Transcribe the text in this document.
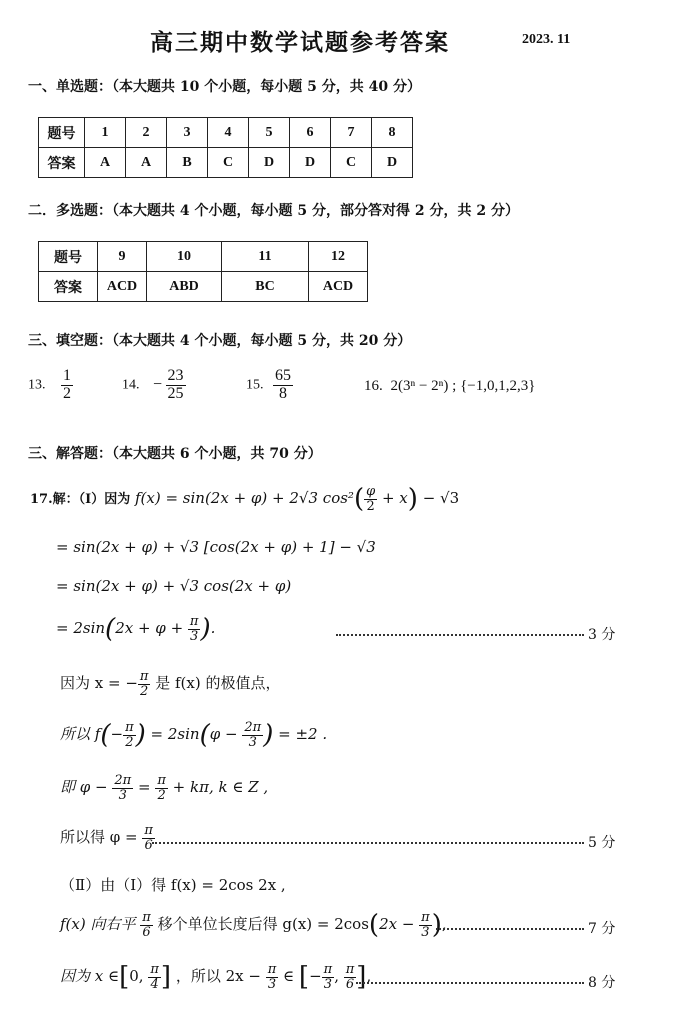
高三期中数学试题参考答案	2023. 11
一、单选题：（本大题共 10 个小题，每小题 5 分，共 40 分）
题号	1	2	3	4	5	6	7	8
答案	A	A	B	C	D	D	C	D
二．多选题：（本大题共 4 个小题，每小题 5 分，部分答对得 2 分，共 2 分）
题号	9	10	11	12
答案	ACD	ABD	BC	ACD
三、填空题：（本大题共 4 个小题，每小题 5 分，共 20 分）
13. $\frac{1}{2}$	14. − $\frac{23}{25}$	15. $\frac{65}{8}$	16. 2(3ⁿ − 2ⁿ) ; {−1,0,1,2,3}
三、解答题：（本大题共 6 个小题，共 70 分）
17.解：（Ⅰ）因为 f(x) = sin(2x + φ) + 2√3 $\cos^2( \frac{\varphi}{2} + x) - √3$
= sin(2x + φ) + √3 [cos(2x + φ) + 1] − √3
= sin(2x + φ) + √3 cos(2x + φ)
= $2\sin(2x + \varphi + \frac{\pi}{3}$ ).	3 分
因为 x = − $\frac{\pi}{2}$ 是 f(x) 的极值点，
所以 $f(- \frac{\pi}{2}$ ) = $2\sin(\varphi - \frac{2\pi}{3}$ ) = ±2 .
即 $\varphi - \frac{2\pi}{3} = \frac{\pi}{2} + k\pi$, k ∈ Z ,
所以得 $\varphi = \frac{\pi}{6}$	5 分
（Ⅱ）由（Ⅰ）得 f(x) = 2cos 2x ,
f(x) 向右平 $\frac{\pi}{6}$ 移个单位长度后得 $g(x) = 2\cos(2x - \frac{\pi}{3}$ ),	7 分
因为 x ∈[0, $\frac{\pi}{4}$ ] ，所以 $2x - \frac{\pi}{3}$ ∈ [− $\frac{\pi}{3}$ , $\frac{\pi}{6}$ ],	8 分
